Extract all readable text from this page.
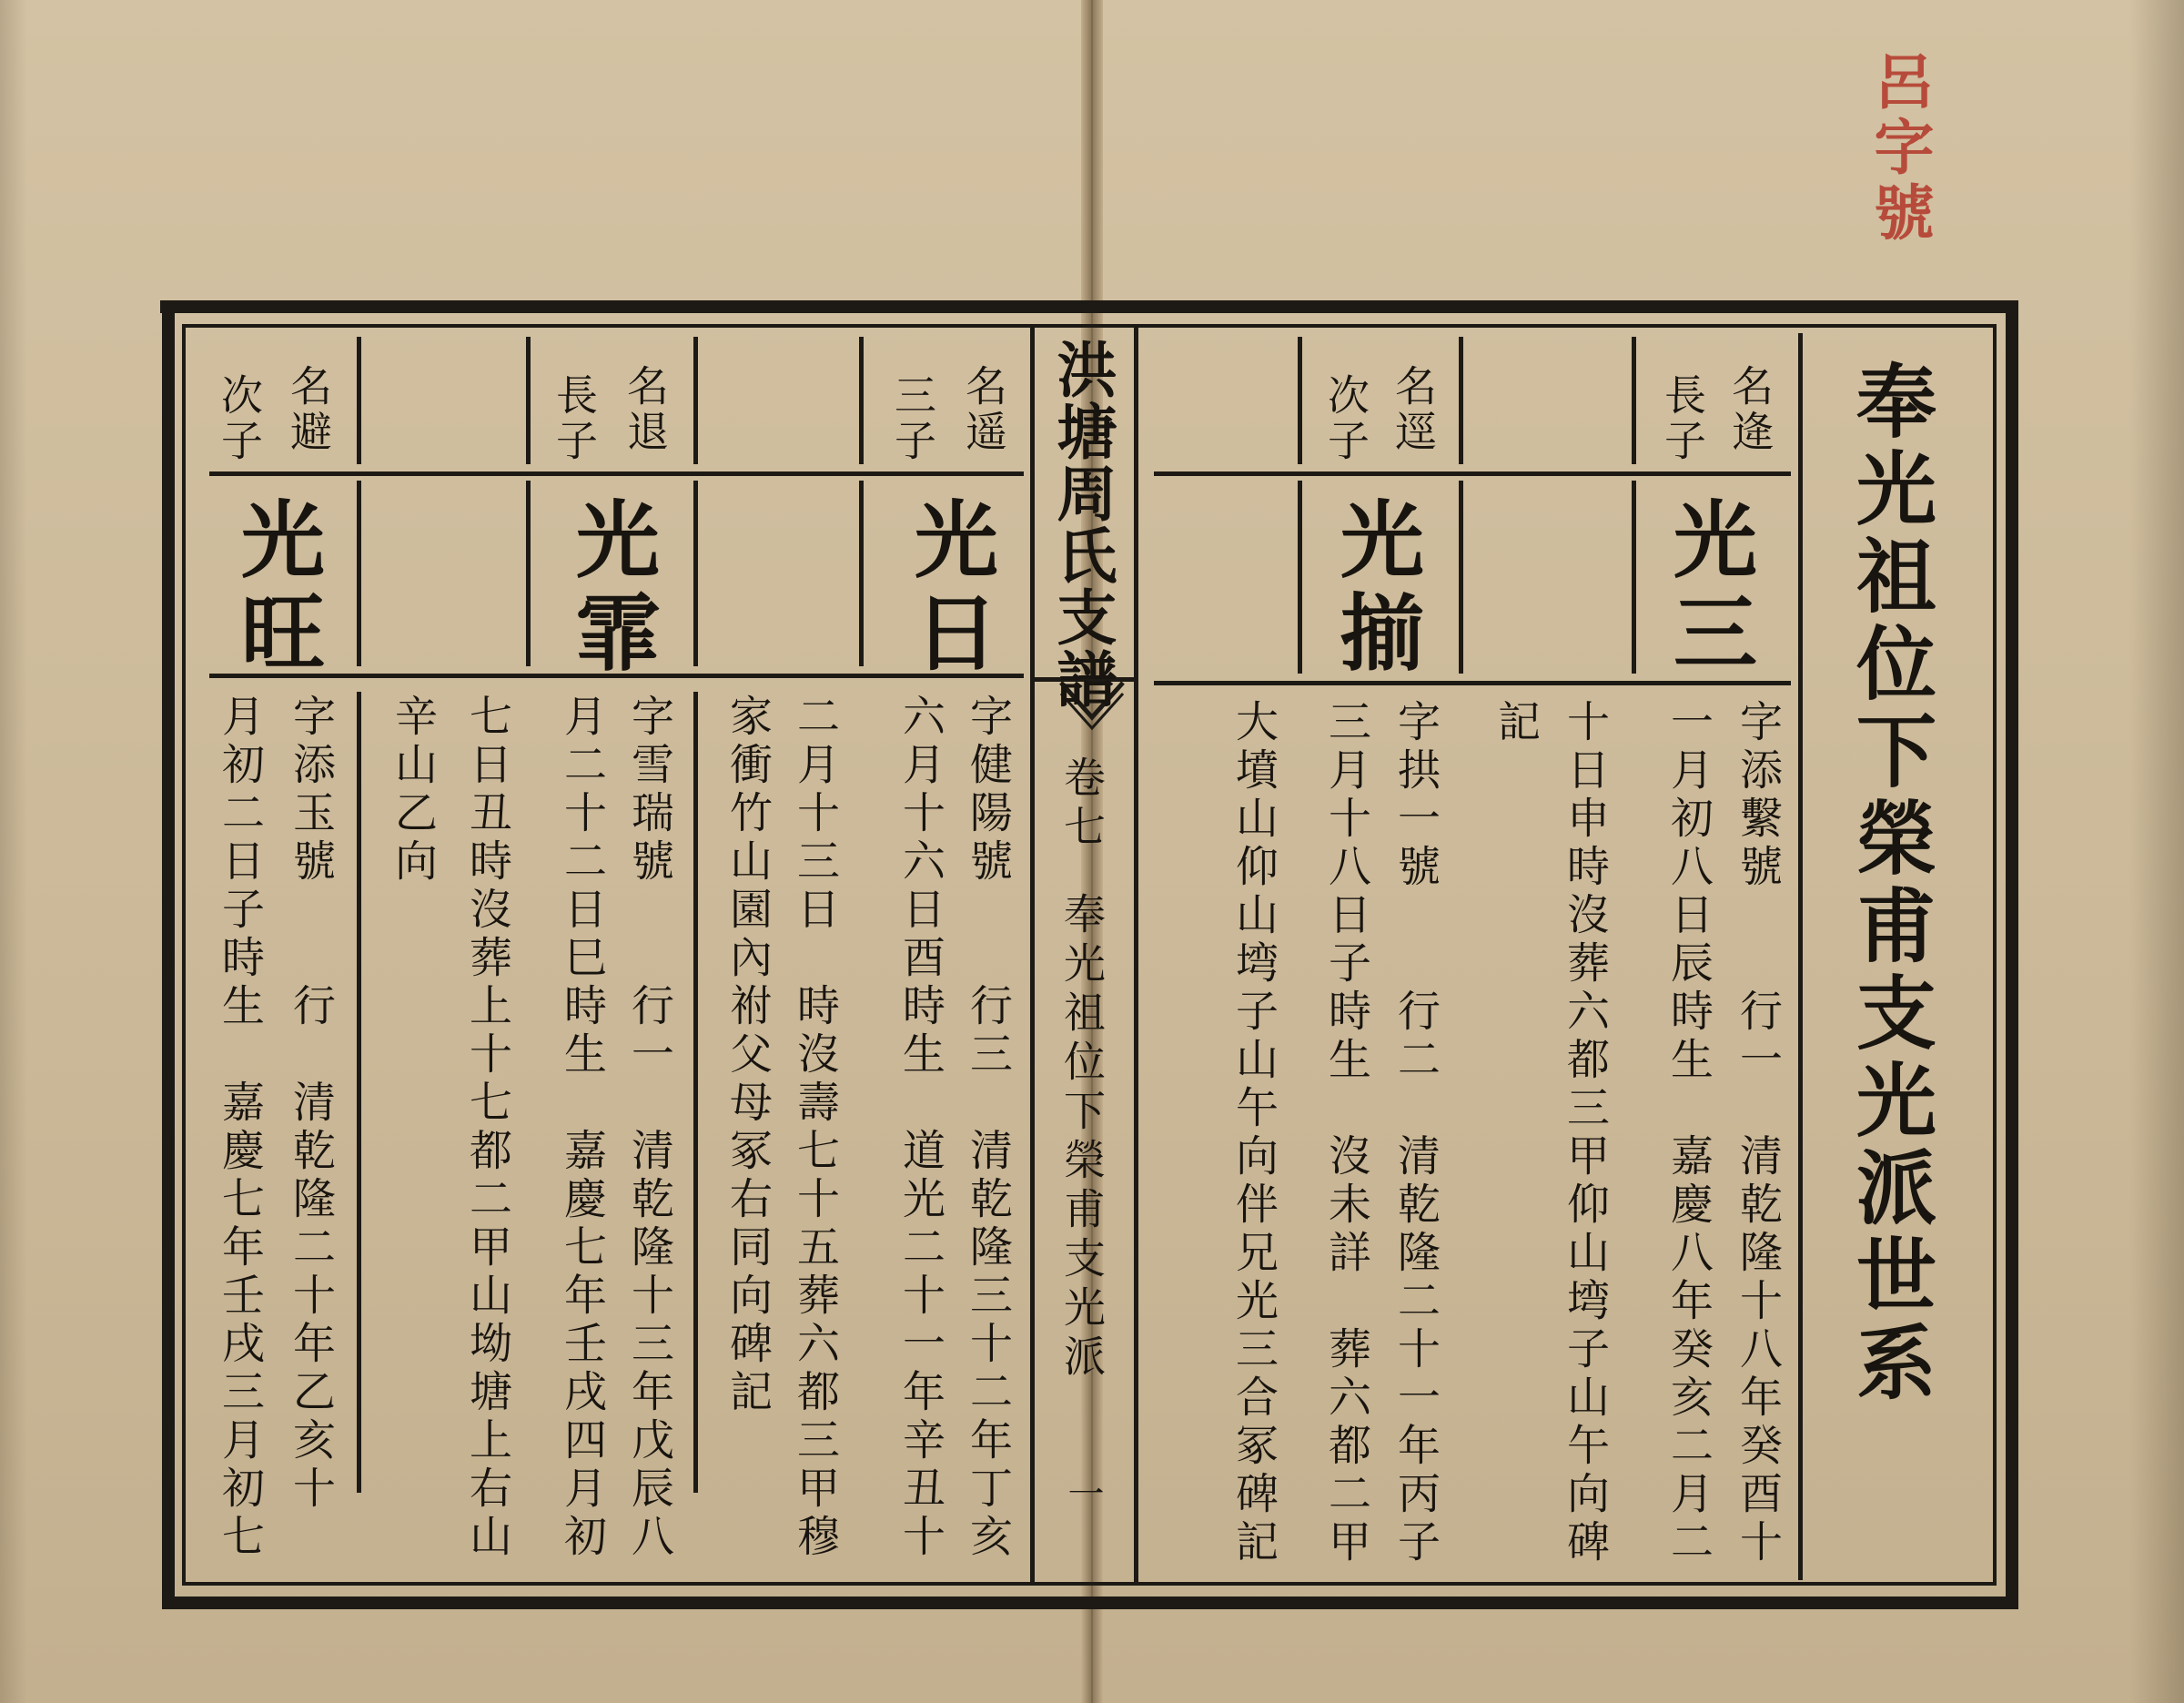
呂字號
洪塘周氏支譜
卷七
奉光祖位下榮甫支光派
一
奉光祖位下榮甫支光派世系
名逄
長子
光三
字添繫號　　行一　清乾隆十八年癸酉十
一月初八日辰時生　嘉慶八年癸亥二月二
十日申時沒葬六都三甲仰山塆子山午向碑
記
名逕
次子
光揃
字拱一號　　行二　清乾隆二十一年丙子
三月十八日子時生　沒未詳　葬六都二甲
大墳山仰山塆子山午向伴兄光三合冢碑記
名遥
三子
光日
字健陽號　　行三　清乾隆三十二年丁亥
六月十六日酉時生　道光二十一年辛丑十
二月十三日　時沒壽七十五葬六都三甲穆
家衝竹山園內祔父母冢右同向碑記
名退
長子
光霏
字雪瑞號　　行一　清乾隆十三年戊辰八
月二十二日巳時生　嘉慶七年壬戌四月初
七日丑時沒葬上十七都二甲山坳塘上右山
辛山乙向
名避
次子
光旺
字添玉號　　行　清乾隆二十年乙亥十
月初二日子時生　嘉慶七年壬戌三月初七
